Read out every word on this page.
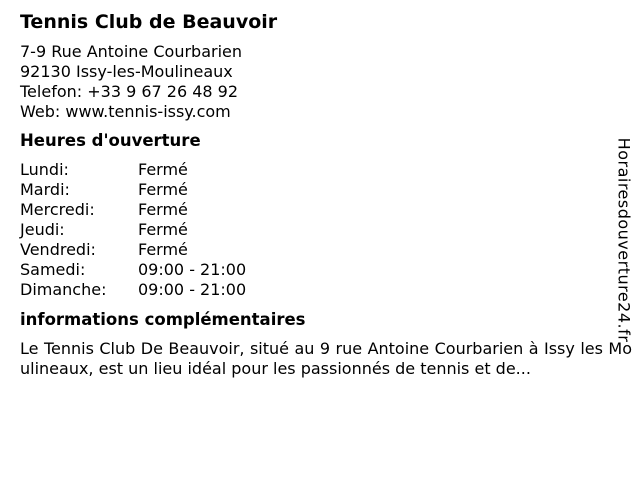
Tennis Club de Beauvoir
7-9 Rue Antoine Courbarien
92130 Issy-les-Moulineaux
Telefon: +33 9 67 26 48 92
Web: www.tennis-issy.com
Heures d'ouverture
Lundi:	Fermé
Mardi:	Fermé
Mercredi:	Fermé
Jeudi:	Fermé
Vendredi:	Fermé
Samedi:	09:00 - 21:00
Dimanche:	09:00 - 21:00
informations complémentaires
Le Tennis Club De Beauvoir, situé au 9 rue Antoine Courbarien à Issy les Moulineaux, est un lieu idéal pour les passionnés de tennis et de...
Horairesdouverture24.fr
